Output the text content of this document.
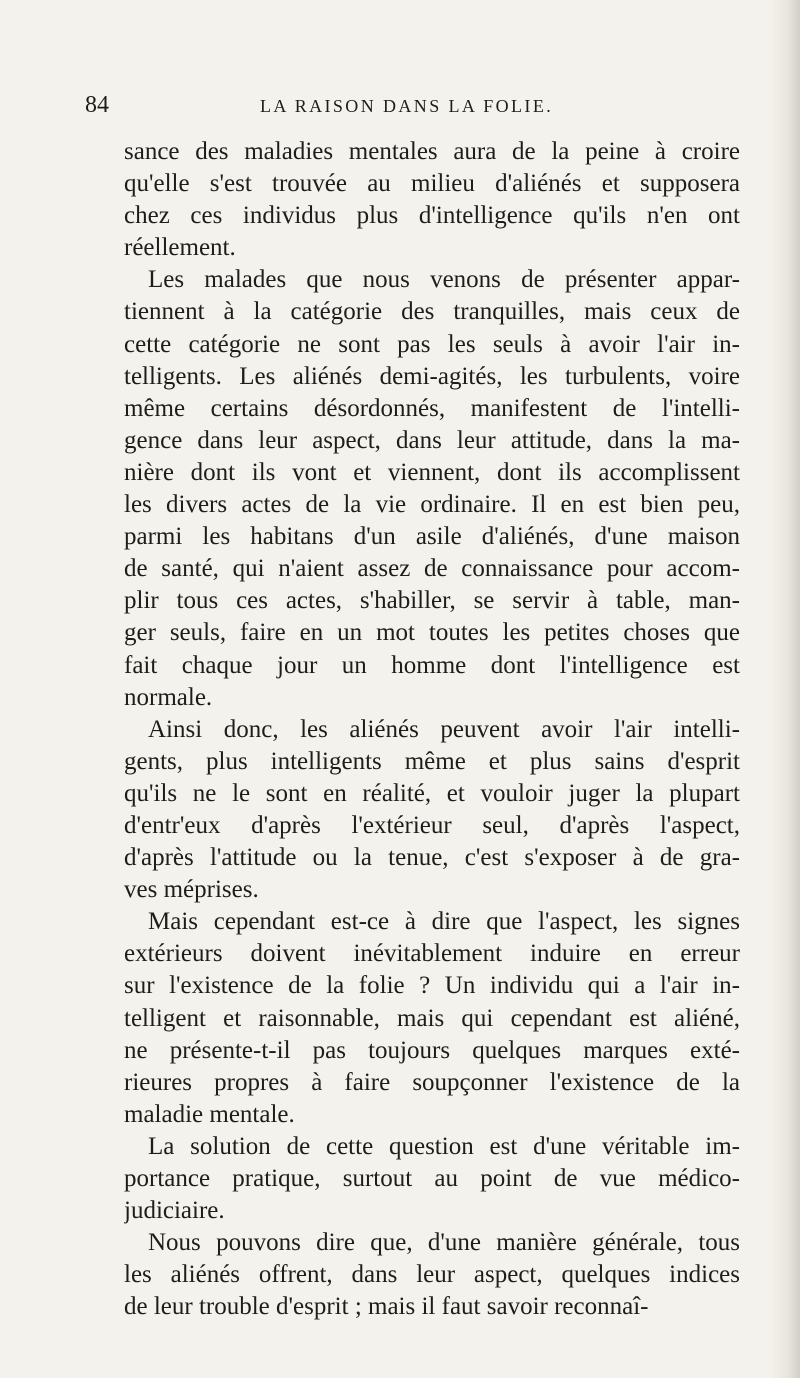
84	LA RAISON DANS LA FOLIE.
sance des maladies mentales aura de la peine à croire
qu'elle s'est trouvée au milieu d'aliénés et supposera
chez ces individus plus d'intelligence qu'ils n'en ont
réellement.
Les malades que nous venons de présenter appar-
tiennent à la catégorie des tranquilles, mais ceux de
cette catégorie ne sont pas les seuls à avoir l'air in-
telligents. Les aliénés demi-agités, les turbulents, voire
même certains désordonnés, manifestent de l'intelli-
gence dans leur aspect, dans leur attitude, dans la ma-
nière dont ils vont et viennent, dont ils accomplissent
les divers actes de la vie ordinaire. Il en est bien peu,
parmi les habitans d'un asile d'aliénés, d'une maison
de santé, qui n'aient assez de connaissance pour accom-
plir tous ces actes, s'habiller, se servir à table, man-
ger seuls, faire en un mot toutes les petites choses que
fait chaque jour un homme dont l'intelligence est
normale.
Ainsi donc, les aliénés peuvent avoir l'air intelli-
gents, plus intelligents même et plus sains d'esprit
qu'ils ne le sont en réalité, et vouloir juger la plupart
d'entr'eux d'après l'extérieur seul, d'après l'aspect,
d'après l'attitude ou la tenue, c'est s'exposer à de gra-
ves méprises.
Mais cependant est-ce à dire que l'aspect, les signes
extérieurs doivent inévitablement induire en erreur
sur l'existence de la folie ? Un individu qui a l'air in-
telligent et raisonnable, mais qui cependant est aliéné,
ne présente-t-il pas toujours quelques marques exté-
rieures propres à faire soupçonner l'existence de la
maladie mentale.
La solution de cette question est d'une véritable im-
portance pratique, surtout au point de vue médico-
judiciaire.
Nous pouvons dire que, d'une manière générale, tous
les aliénés offrent, dans leur aspect, quelques indices
de leur trouble d'esprit ; mais il faut savoir reconnaî-
